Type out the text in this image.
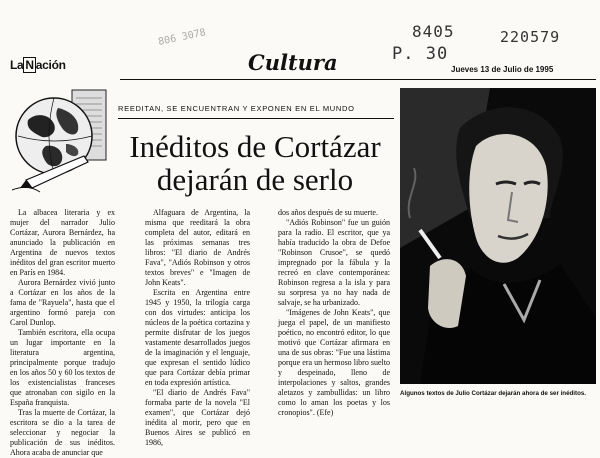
La N ación	Cultura	Jueves 13 de Julio de 1995
8405	220579
P. 30
806 3078
REEDITAN, SE ENCUENTRAN Y EXPONEN EN EL MUNDO
Inéditos de Cortázar
dejarán de serlo

La albacea literaria y ex mujer del narrador Julio Cortázar, Aurora Bernárdez, ha anunciado la publicación en Argentina de nuevos textos inéditos del gran escritor muerto en París en 1984.

Aurora Bernárdez vivió junto a Cortázar en los años de la fama de "Rayuela", hasta que el argentino formó pareja con Carol Dunlop.

También escritora, ella ocupa un lugar importante en la literatura argentina, principalmente porque tradujo en los años 50 y 60 los textos de los existencialistas franceses que atronaban con sigilo en la España franquista.

Tras la muerte de Cortázar, la escritora se dio a la tarea de seleccionar y negociar la publicación de sus inéditos. Ahora acaba de anunciar que

Alfaguara de Argentina, la misma que reeditará la obra completa del autor, editará en las próximas semanas tres libros: "El diario de Andrés Fava", "Adiós Robinson y otros textos breves" e "Imagen de John Keats".

Escrita en Argentina entre 1945 y 1950, la trilogía carga con dos virtudes: anticipa los núcleos de la poética cortazina y permite disfrutar de los juegos vastamente desarrollados juegos de la imaginación y el lenguaje, que expresan el sentido lúdico que para Cortázar debía primar en toda expresión artística.

"El diario de Andrés Fava" formaba parte de la novela "El examen", que Cortázar dejó inédita al morir, pero que en Buenos Aires se publicó en 1986,

dos años después de su muerte.

"Adiós Robinson" fue un guión para la radio. El escritor, que ya había traducido la obra de Defoe "Robinson Crusoe", se quedó impregnado por la fábula y la recreó en clave contemporánea: Robinson regresa a la isla y para su sorpresa ya no hay nada de salvaje, se ha urbanizado.

"Imágenes de John Keats", que juega el papel, de un manifiesto poético, no encontró editor, lo que motivó que Cortázar afirmara en una de sus obras: "Fue una lástima porque era un hermoso libro suelto y despeinado, lleno de interpolaciones y saltos, grandes aletazos y zambullidas: un libro como lo aman los poetas y los cronopios". (Efe)

Algunos textos de Julio Cortázar dejarán ahora de ser inéditos.
